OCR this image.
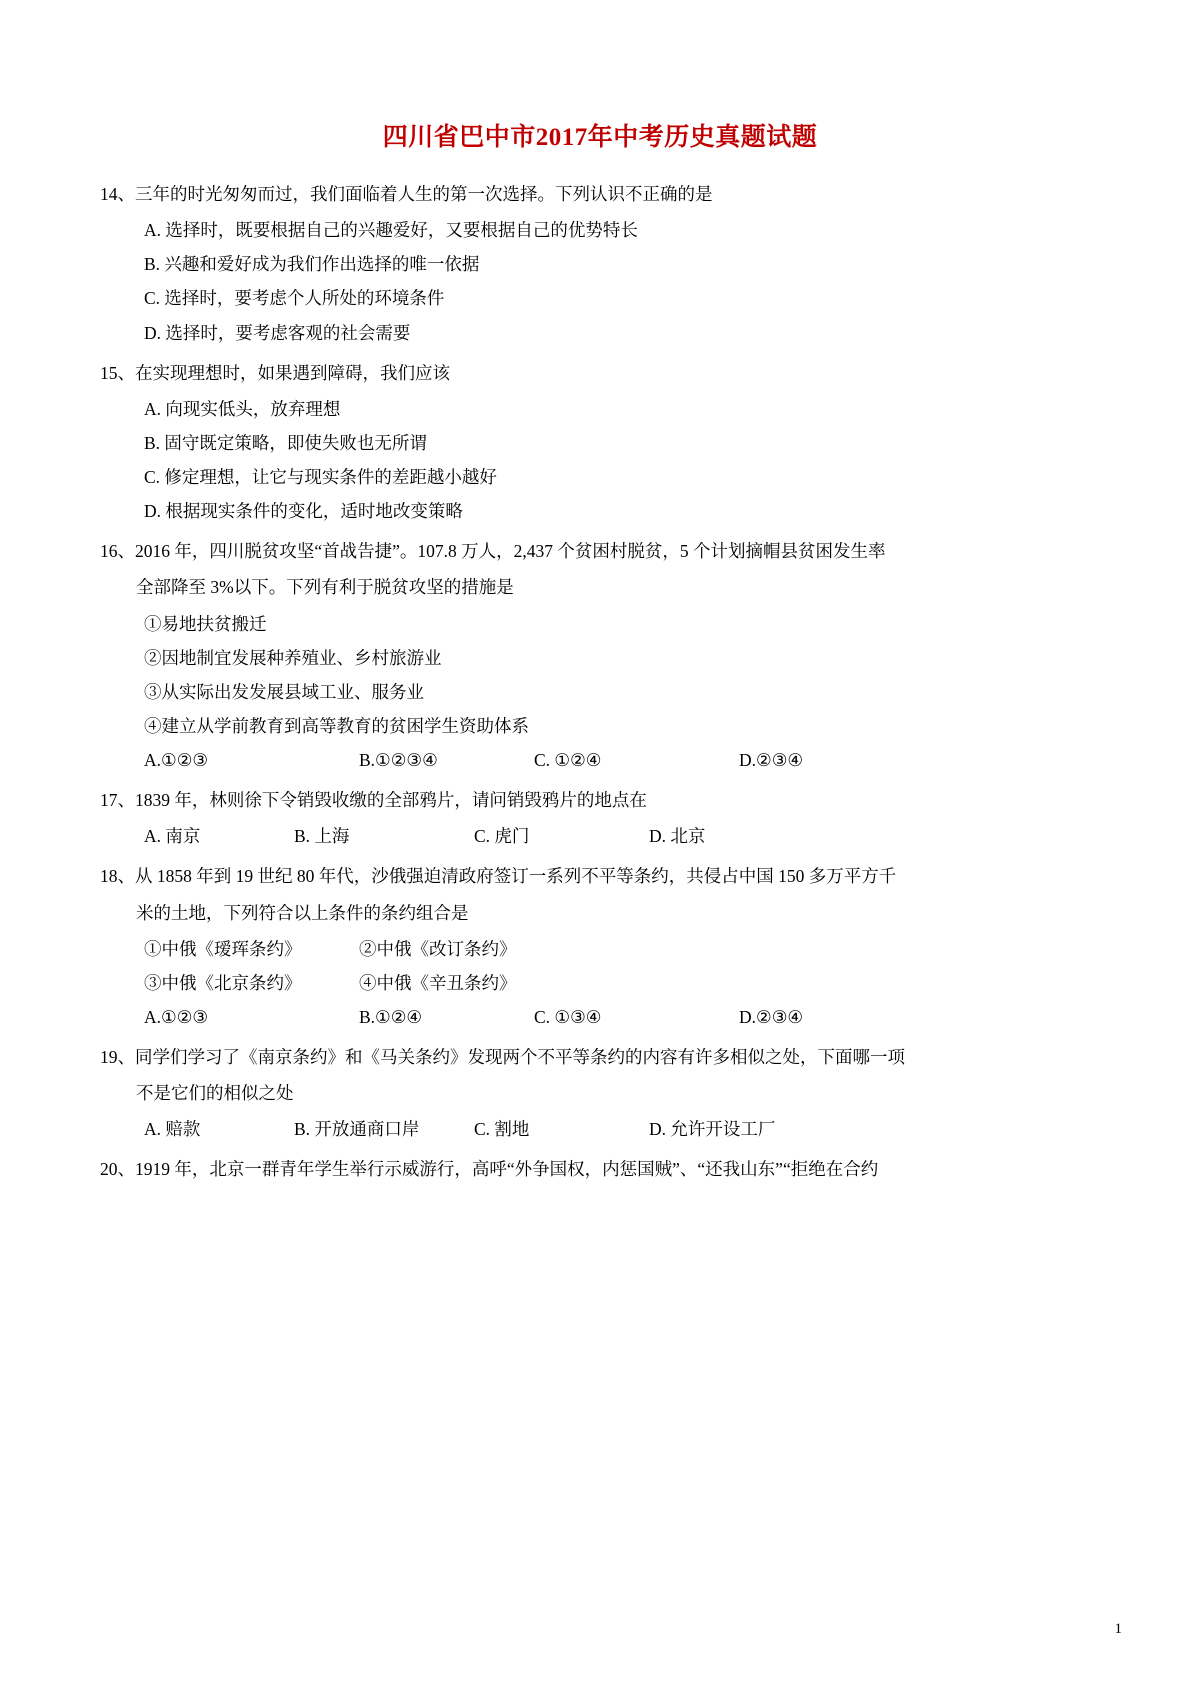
四川省巴中市2017年中考历史真题试题

14、三年的时光匆匆而过，我们面临着人生的第一次选择。下列认识不正确的是

A. 选择时，既要根据自己的兴趣爱好，又要根据自己的优势特长

B. 兴趣和爱好成为我们作出选择的唯一依据

C. 选择时，要考虑个人所处的环境条件

D. 选择时，要考虑客观的社会需要

15、在实现理想时，如果遇到障碍，我们应该

A. 向现实低头，放弃理想

B. 固守既定策略，即使失败也无所谓

C. 修定理想，让它与现实条件的差距越小越好

D. 根据现实条件的变化，适时地改变策略

16、2016 年，四川脱贫攻坚“首战告捷”。107.8 万人，2,437 个贫困村脱贫，5 个计划摘帽县贫困发生率

全部降至 3%以下。下列有利于脱贫攻坚的措施是

①易地扶贫搬迁

②因地制宜发展种养殖业、乡村旅游业

③从实际出发发展县域工业、服务业

④建立从学前教育到高等教育的贫困学生资助体系

A.①②③	B.①②③④	C. ①②④	D.②③④

17、1839 年，林则徐下令销毁收缴的全部鸦片，请问销毁鸦片的地点在

A. 南京	B. 上海	C. 虎门	D. 北京

18、从 1858 年到 19 世纪 80 年代，沙俄强迫清政府签订一系列不平等条约，共侵占中国 150 多万平方千

米的土地，下列符合以上条件的条约组合是

①中俄《瑷珲条约》	②中俄《改订条约》
③中俄《北京条约》	④中俄《辛丑条约》
A.①②③	B.①②④	C. ①③④	D.②③④

19、同学们学习了《南京条约》和《马关条约》发现两个不平等条约的内容有许多相似之处，下面哪一项

不是它们的相似之处

A. 赔款	B. 开放通商口岸	C. 割地	D. 允许开设工厂

20、1919 年，北京一群青年学生举行示威游行，高呼“外争国权，内惩国贼”、“还我山东”“拒绝在合约

1
